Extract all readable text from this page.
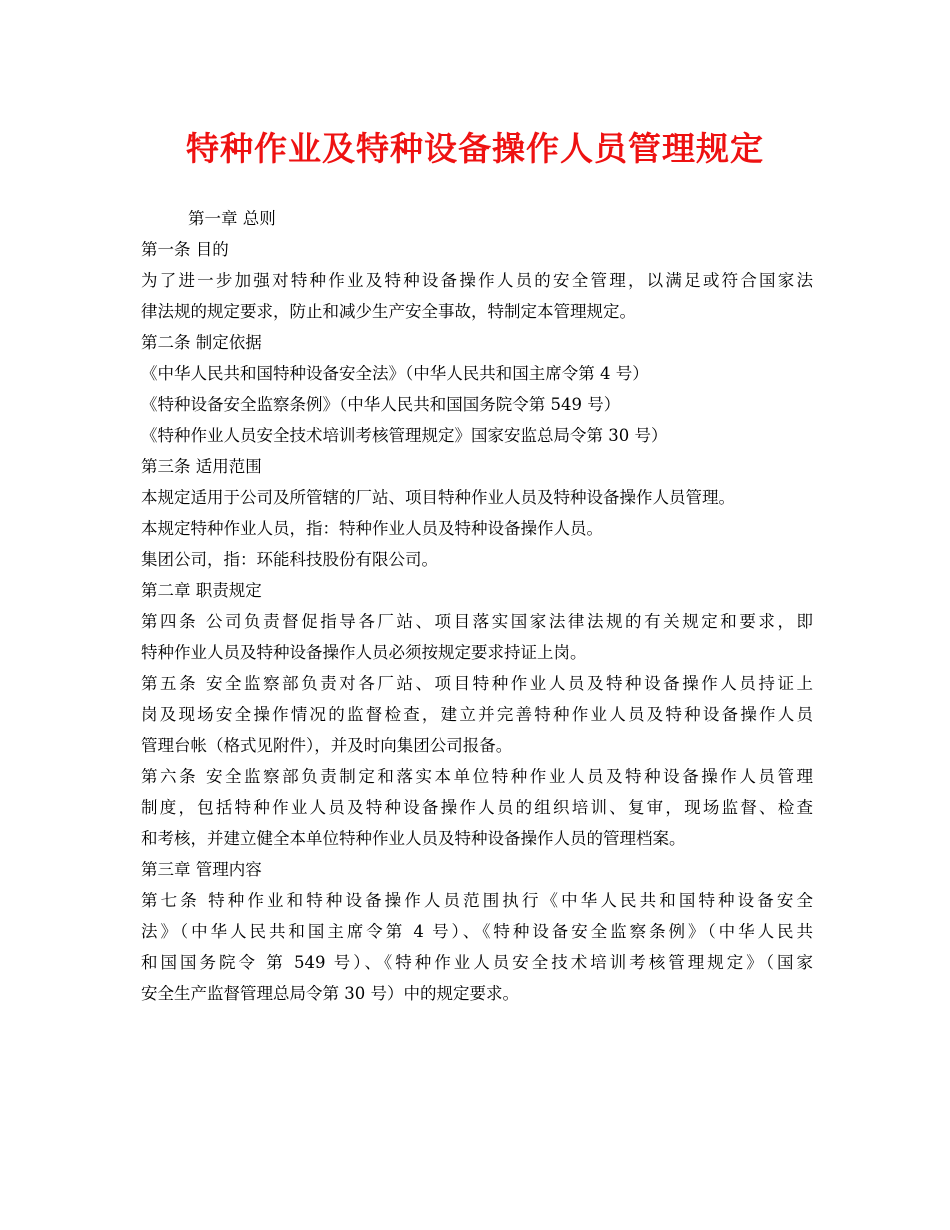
特种作业及特种设备操作人员管理规定
第一章 总则
第一条 目的
为了进一步加强对特种作业及特种设备操作人员的安全管理，以满足或符合国家法
律法规的规定要求，防止和减少生产安全事故，特制定本管理规定。
第二条 制定依据
《中华人民共和国特种设备安全法》（中华人民共和国主席令第 4 号）
《特种设备安全监察条例》（中华人民共和国国务院令第 549 号）
《特种作业人员安全技术培训考核管理规定》国家安监总局令第 30 号）
第三条 适用范围
本规定适用于公司及所管辖的厂站、项目特种作业人员及特种设备操作人员管理。
本规定特种作业人员，指：特种作业人员及特种设备操作人员。
集团公司，指：环能科技股份有限公司。
第二章 职责规定
第四条 公司负责督促指导各厂站、项目落实国家法律法规的有关规定和要求，即
特种作业人员及特种设备操作人员必须按规定要求持证上岗。
第五条 安全监察部负责对各厂站、项目特种作业人员及特种设备操作人员持证上
岗及现场安全操作情况的监督检查，建立并完善特种作业人员及特种设备操作人员
管理台帐（格式见附件），并及时向集团公司报备。
第六条 安全监察部负责制定和落实本单位特种作业人员及特种设备操作人员管理
制度，包括特种作业人员及特种设备操作人员的组织培训、复审，现场监督、检查
和考核，并建立健全本单位特种作业人员及特种设备操作人员的管理档案。
第三章 管理内容
第七条 特种作业和特种设备操作人员范围执行《中华人民共和国特种设备安全
法》（中华人民共和国主席令第 4 号）、《特种设备安全监察条例》（中华人民共
和国国务院令 第 549 号）、《特种作业人员安全技术培训考核管理规定》（国家
安全生产监督管理总局令第 30 号）中的规定要求。
